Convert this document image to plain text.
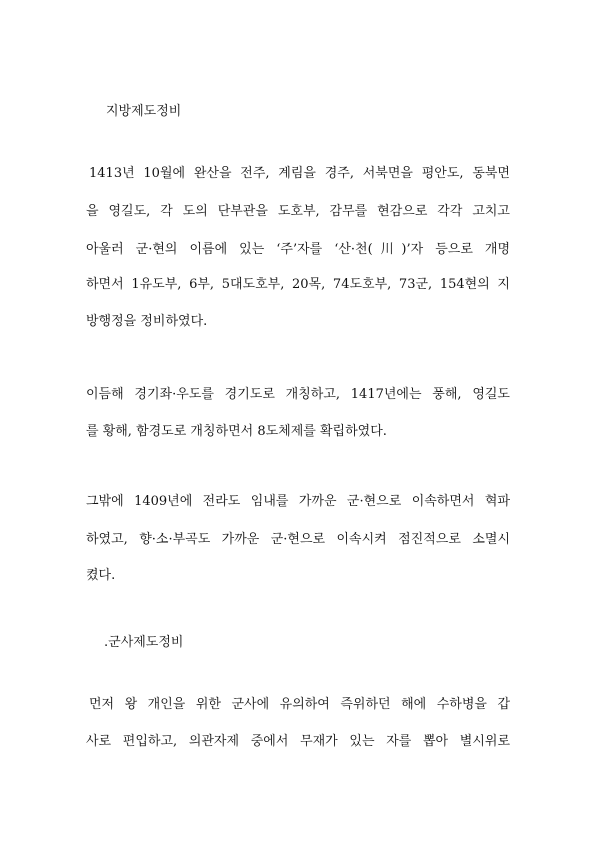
지방제도정비
1413년 10월에 완산을 전주, 계림을 경주, 서북면을 평안도, 동북면
을 영길도, 각 도의 단부관을 도호부, 감무를 현감으로 각각 고치고
아울러 군·현의 이름에 있는 ‘주’자를 ‘산·천(川)’자 등으로 개명
하면서 1유도부, 6부, 5대도호부, 20목, 74도호부, 73군, 154현의 지
방행정을 정비하였다.
이듬해 경기좌·우도를 경기도로 개칭하고, 1417년에는 풍해, 영길도
를 황해, 함경도로 개칭하면서 8도체제를 확립하였다.
그밖에 1409년에 전라도 임내를 가까운 군·현으로 이속하면서 혁파
하였고, 향·소·부곡도 가까운 군·현으로 이속시켜 점진적으로 소멸시
켰다.
.군사제도정비
먼저 왕 개인을 위한 군사에 유의하여 즉위하던 해에 수하병을 갑
사로 편입하고, 의관자제 중에서 무재가 있는 자를 뽑아 별시위로
